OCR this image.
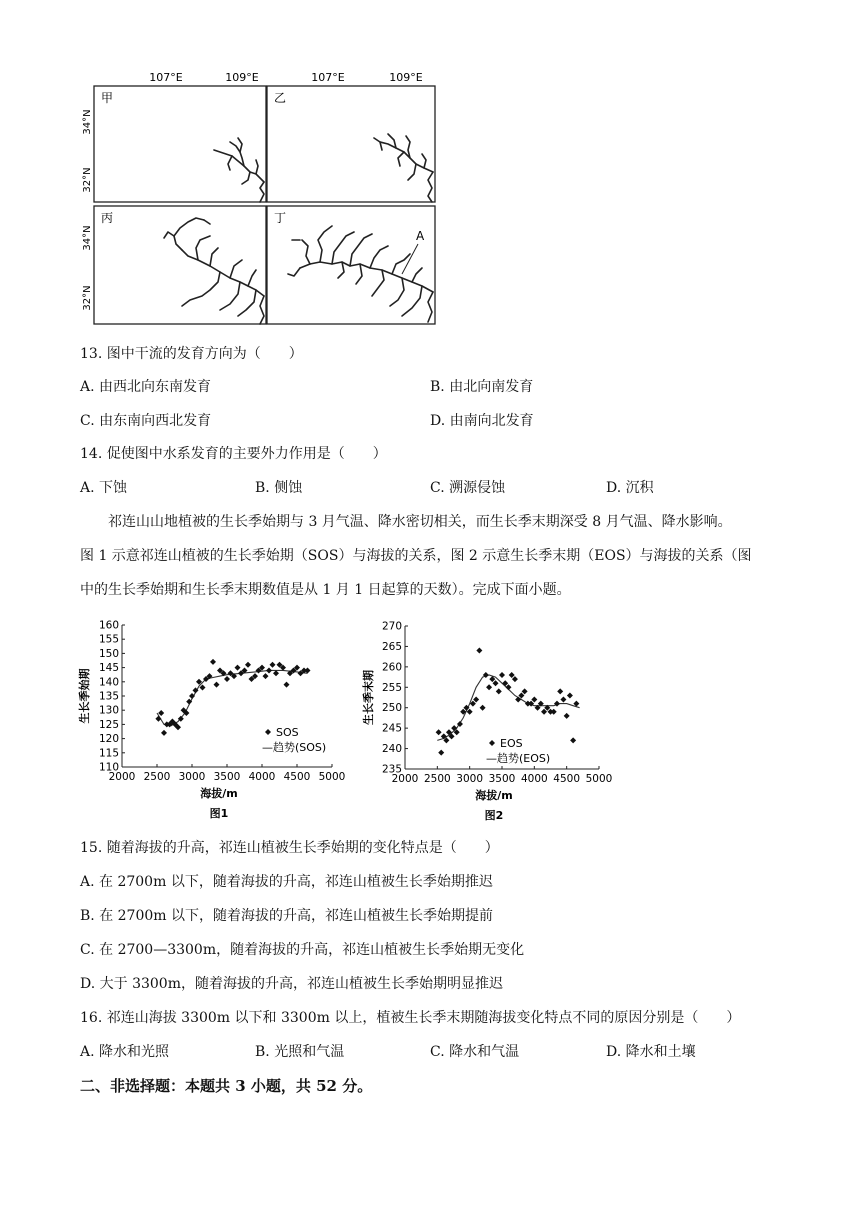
107°E	109°E	107°E	109°E
34°N
32°N
34°N
32°N
甲	乙
丙	丁
A
13. 图中干流的发育方向为（　　）
A. 由西北向东南发育	B. 由北向南发育
C. 由东南向西北发育	D. 由南向北发育
14. 促使图中水系发育的主要外力作用是（　　）
A. 下蚀	B. 侧蚀	C. 溯源侵蚀	D. 沉积
祁连山山地植被的生长季始期与 3 月气温、降水密切相关，而生长季末期深受 8 月气温、降水影响。
图 1 示意祁连山植被的生长季始期（SOS）与海拔的关系，图 2 示意生长季末期（EOS）与海拔的关系（图
中的生长季始期和生长季末期数值是从 1 月 1 日起算的天数）。完成下面小题。
110
115
120
125
130
135
140
145
150
155
160
2000 2500 3000 3500 4000 4500 5000
生长季始期
海拔/m
图1
SOS
—趋势(SOS)
235
240
245
250
255
260
265
270
2000 2500 3000 3500 4000 4500 5000
生长季末期
海拔/m
图2
EOS
—趋势(EOS)
15. 随着海拔的升高，祁连山植被生长季始期的变化特点是（　　）
A. 在 2700m 以下，随着海拔的升高，祁连山植被生长季始期推迟
B. 在 2700m 以下，随着海拔的升高，祁连山植被生长季始期提前
C. 在 2700—3300m，随着海拔的升高，祁连山植被生长季始期无变化
D. 大于 3300m，随着海拔的升高，祁连山植被生长季始期明显推迟
16. 祁连山海拔 3300m 以下和 3300m 以上，植被生长季末期随海拔变化特点不同的原因分别是（　　）
A. 降水和光照	B. 光照和气温	C. 降水和气温	D. 降水和土壤
二、非选择题：本题共 3 小题，共 52 分。
